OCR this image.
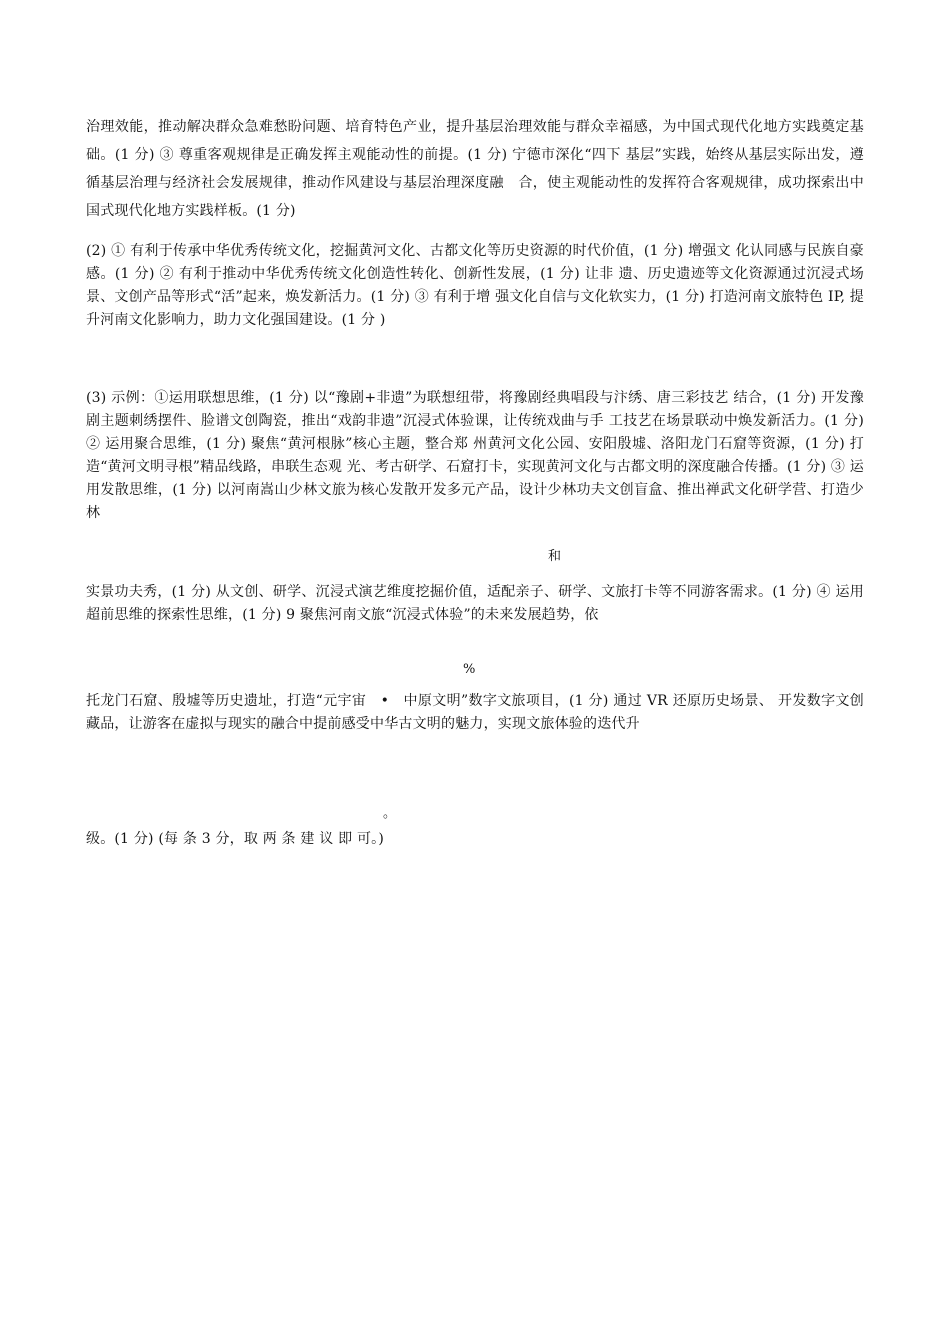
治理效能，推动解决群众急难愁盼问题、培育特色产业，提升基层治理效能与群众幸福感，为中国式现代化地方实践奠定基础。(1 分) ③ 尊重客观规律是正确发挥主观能动性的前提。(1 分) 宁德市深化“四下 基层”实践，始终从基层实际出发，遵循基层治理与经济社会发展规律，推动作风建设与基层治理深度融　合，使主观能动性的发挥符合客观规律，成功探索出中国式现代化地方实践样板。(1 分)

(2) ① 有利于传承中华优秀传统文化，挖掘黄河文化、古都文化等历史资源的时代价值，(1 分) 增强文 化认同感与民族自豪感。(1 分) ② 有利于推动中华优秀传统文化创造性转化、创新性发展，(1 分) 让非 遗、历史遗迹等文化资源通过沉浸式场景、文创产品等形式“活”起来，焕发新活力。(1 分) ③ 有利于增 强文化自信与文化软实力，(1 分) 打造河南文旅特色 IP, 提升河南文化影响力，助力文化强国建设。(1 分 )

(3) 示例：①运用联想思维，(1 分) 以“豫剧+非遗”为联想纽带，将豫剧经典唱段与汴绣、唐三彩技艺 结合，(1 分) 开发豫剧主题刺绣摆件、脸谱文创陶瓷，推出“戏韵非遗”沉浸式体验课，让传统戏曲与手 工技艺在场景联动中焕发新活力。(1 分) ② 运用聚合思维，(1 分) 聚焦“黄河根脉”核心主题，整合郑 州黄河文化公园、安阳殷墟、洛阳龙门石窟等资源，(1 分) 打造“黄河文明寻根”精品线路，串联生态观 光、考古研学、石窟打卡，实现黄河文化与古都文明的深度融合传播。(1 分) ③ 运用发散思维，(1 分) 以河南嵩山少林文旅为核心发散开发多元产品，设计少林功夫文创盲盒、推出禅武文化研学营、打造少林

和

实景功夫秀，(1 分) 从文创、研学、沉浸式演艺维度挖掘价值，适配亲子、研学、文旅打卡等不同游客需求。(1 分) ④ 运用超前思维的探索性思维，(1 分) 9 聚焦河南文旅“沉浸式体验”的未来发展趋势，依

%

托龙门石窟、殷墟等历史遗址，打造“元宇宙　•　中原文明”数字文旅项目，(1 分) 通过 VR 还原历史场景、 开发数字文创藏品，让游客在虚拟与现实的融合中提前感受中华古文明的魅力，实现文旅体验的迭代升

。

级。(1 分) (每 条 3 分，取 两 条 建 议 即 可。)
